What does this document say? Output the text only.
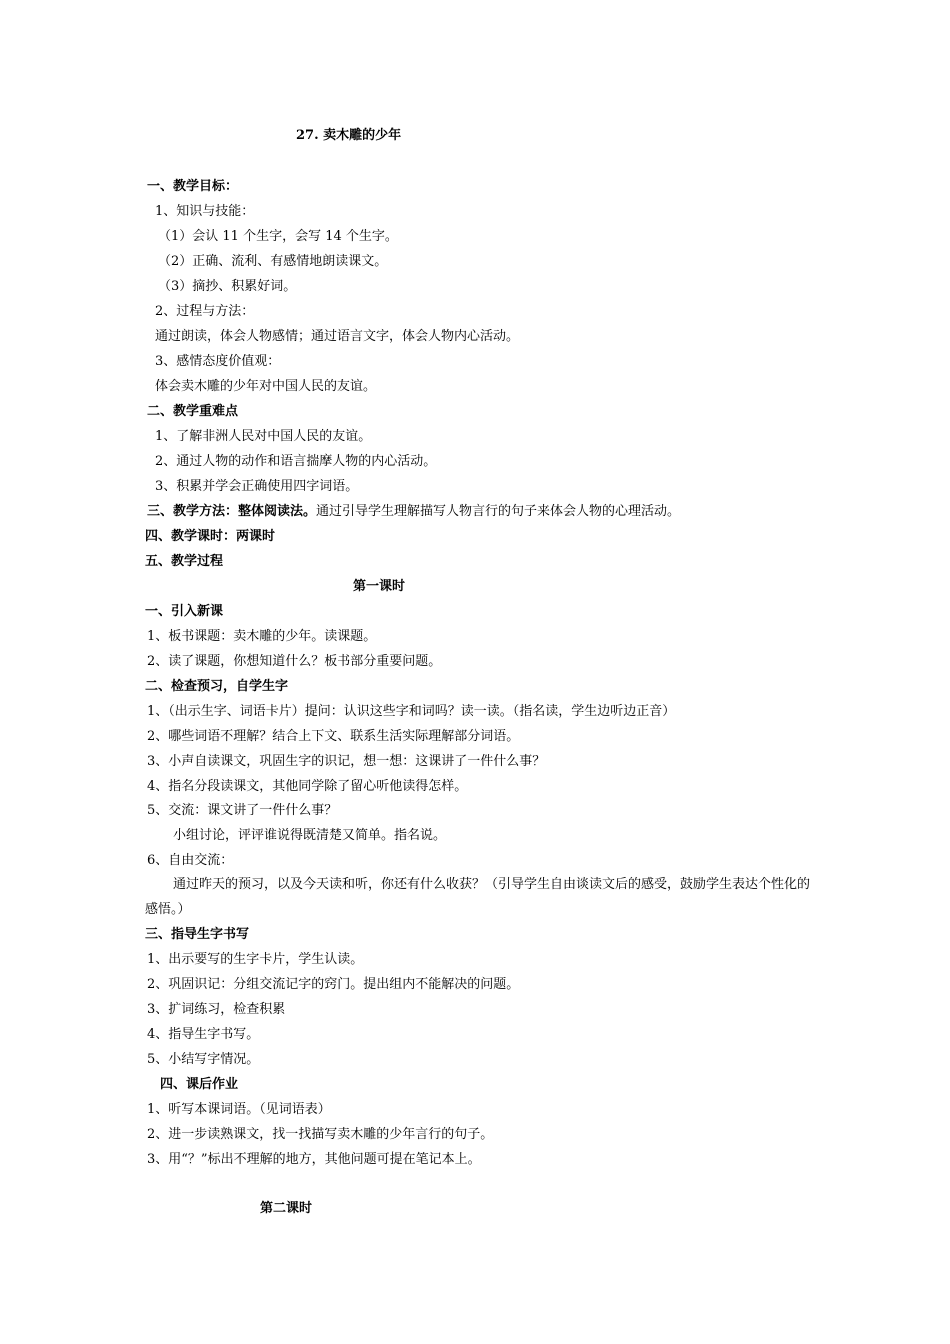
27. 卖木雕的少年
一、教学目标：
1、知识与技能：
（1）会认 11 个生字，会写 14 个生字。
（2）正确、流利、有感情地朗读课文。
（3）摘抄、积累好词。
2、过程与方法：
通过朗读，体会人物感情；通过语言文字，体会人物内心活动。
3、感情态度价值观：
体会卖木雕的少年对中国人民的友谊。
二、教学重难点
1、了解非洲人民对中国人民的友谊。
2、通过人物的动作和语言揣摩人物的内心活动。
3、积累并学会正确使用四字词语。
三、教学方法：整体阅读法。通过引导学生理解描写人物言行的句子来体会人物的心理活动。
四、教学课时：两课时
五、教学过程
第一课时
一、引入新课
1、板书课题：卖木雕的少年。读课题。
2、读了课题，你想知道什么？板书部分重要问题。
二、检查预习，自学生字
1、（出示生字、词语卡片）提问：认识这些字和词吗？读一读。（指名读，学生边听边正音）
2、哪些词语不理解？结合上下文、联系生活实际理解部分词语。
3、小声自读课文，巩固生字的识记，想一想：这课讲了一件什么事？
4、指名分段读课文，其他同学除了留心听他读得怎样。
5、交流：课文讲了一件什么事？
小组讨论，评评谁说得既清楚又简单。指名说。
6、自由交流：
通过昨天的预习，以及今天读和听，你还有什么收获？（引导学生自由谈读文后的感受，鼓励学生表达个性化的感悟。）
三、指导生字书写
1、出示要写的生字卡片，学生认读。
2、巩固识记：分组交流记字的窍门。提出组内不能解决的问题。
3、扩词练习，检查积累
4、指导生字书写。
5、小结写字情况。
四、课后作业
1、听写本课词语。（见词语表）
2、进一步读熟课文，找一找描写卖木雕的少年言行的句子。
3、用“？”标出不理解的地方，其他问题可提在笔记本上。
第二课时
